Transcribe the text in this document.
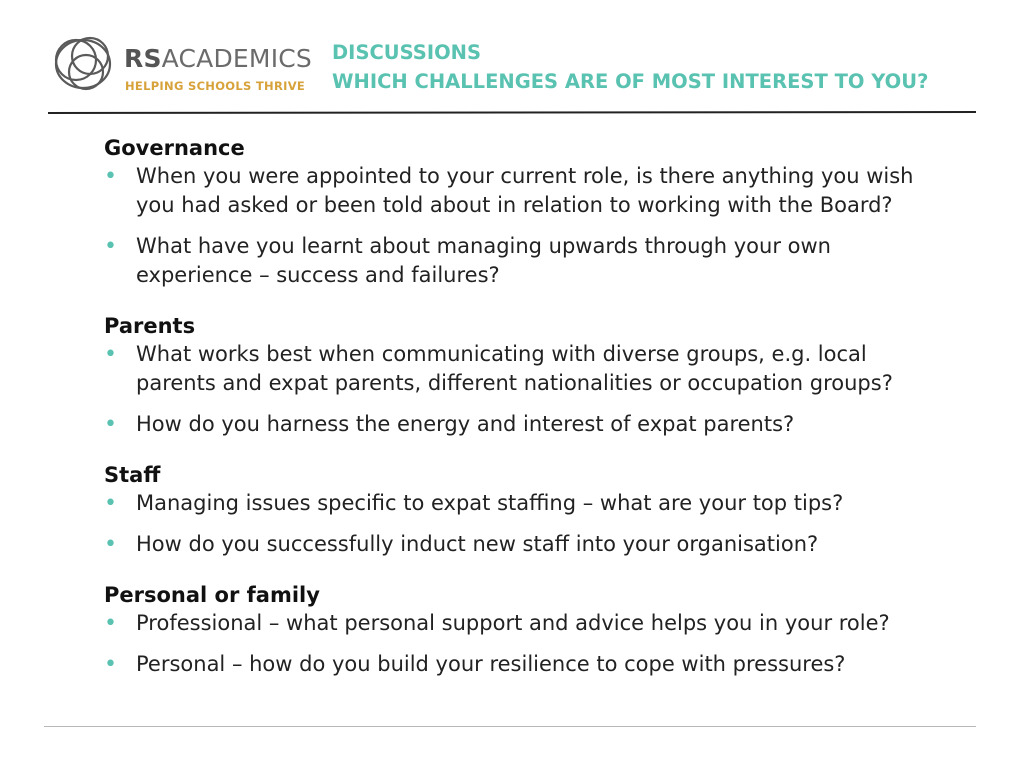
RSACADEMICS
HELPING SCHOOLS THRIVE
DISCUSSIONS
WHICH CHALLENGES ARE OF MOST INTEREST TO YOU?
Governance
• When you were appointed to your current role, is there anything you wish
you had asked or been told about in relation to working with the Board?
• What have you learnt about managing upwards through your own
experience – success and failures?
Parents
• What works best when communicating with diverse groups, e.g. local
parents and expat parents, different nationalities or occupation groups?
• How do you harness the energy and interest of expat parents?
Staff
• Managing issues specific to expat staffing – what are your top tips?
• How do you successfully induct new staff into your organisation?
Personal or family
• Professional – what personal support and advice helps you in your role?
• Personal – how do you build your resilience to cope with pressures?
